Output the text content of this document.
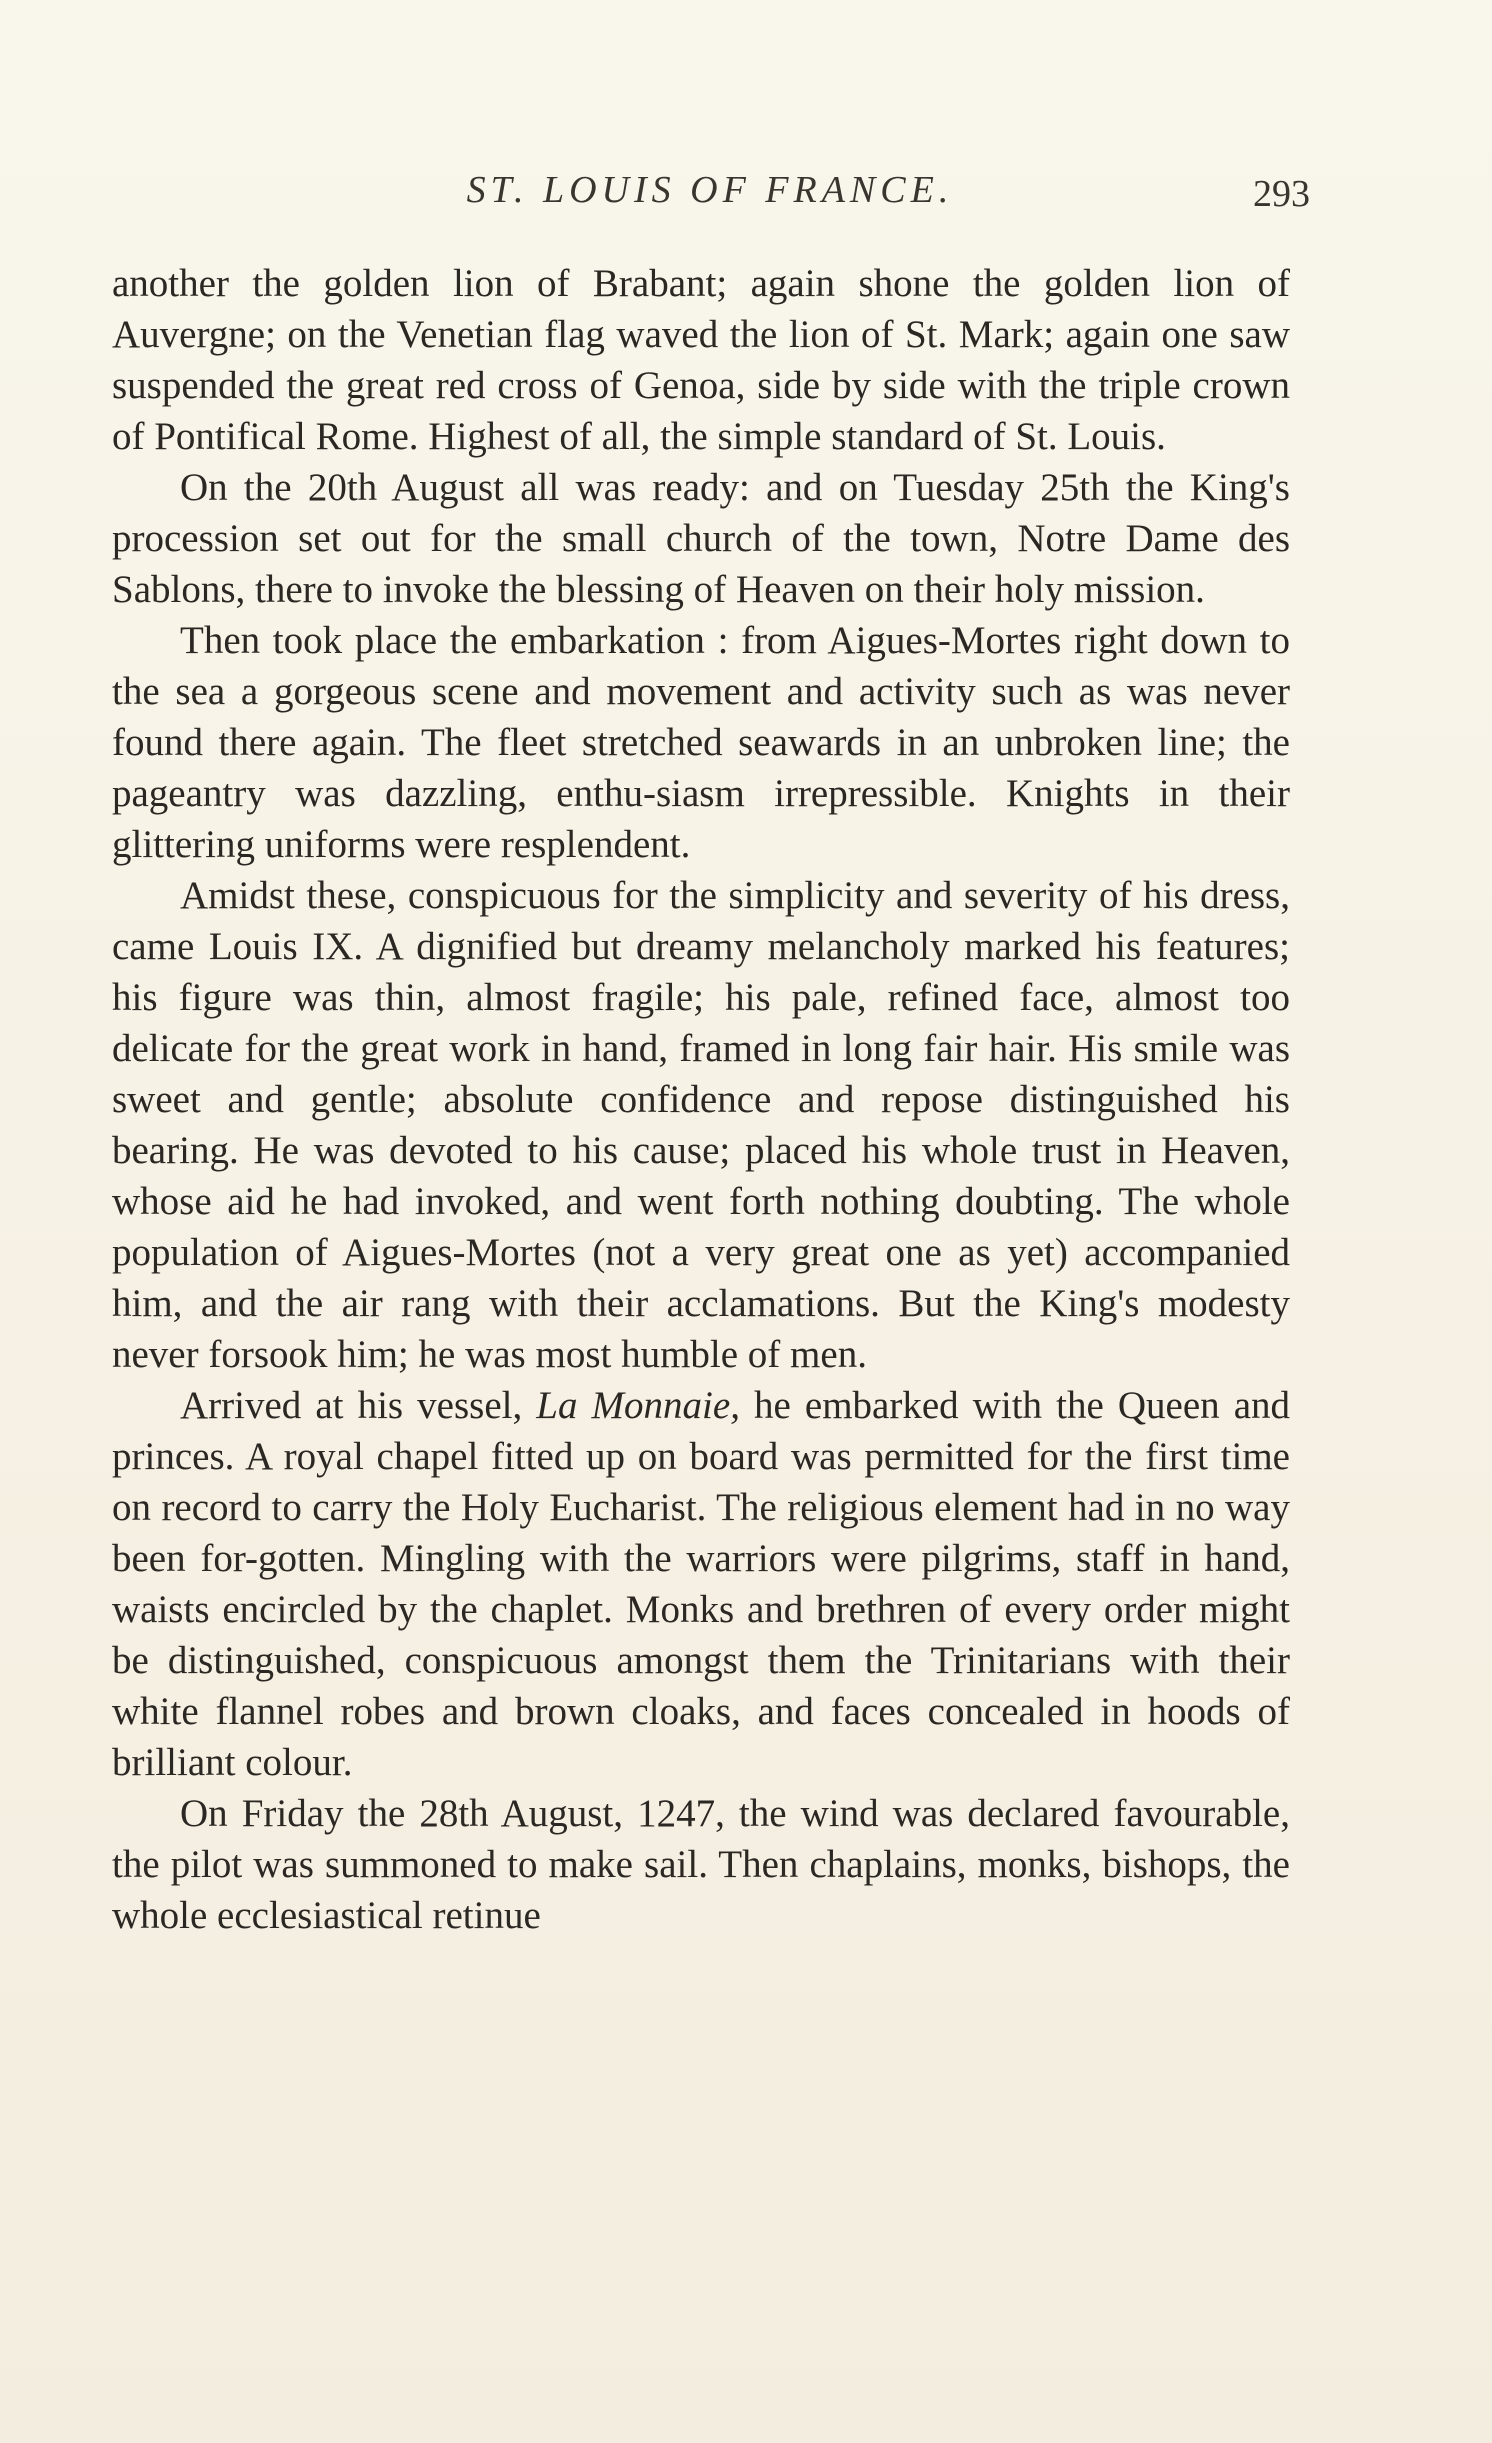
ST. LOUIS OF FRANCE.	293

another the golden lion of Brabant; again shone the golden lion of Auvergne; on the Venetian flag waved the lion of St. Mark; again one saw suspended the great red cross of Genoa, side by side with the triple crown of Pontifical Rome. Highest of all, the simple standard of St. Louis.

On the 20th August all was ready: and on Tuesday 25th the King's procession set out for the small church of the town, Notre Dame des Sablons, there to invoke the blessing of Heaven on their holy mission.

Then took place the embarkation : from Aigues-Mortes right down to the sea a gorgeous scene and movement and activity such as was never found there again. The fleet stretched seawards in an unbroken line; the pageantry was dazzling, enthu-siasm irrepressible. Knights in their glittering uniforms were resplendent.

Amidst these, conspicuous for the simplicity and severity of his dress, came Louis IX. A dignified but dreamy melancholy marked his features; his figure was thin, almost fragile; his pale, refined face, almost too delicate for the great work in hand, framed in long fair hair. His smile was sweet and gentle; absolute confidence and repose distinguished his bearing. He was devoted to his cause; placed his whole trust in Heaven, whose aid he had invoked, and went forth nothing doubting. The whole population of Aigues-Mortes (not a very great one as yet) accompanied him, and the air rang with their acclamations. But the King's modesty never forsook him; he was most humble of men.

Arrived at his vessel, La Monnaie, he embarked with the Queen and princes. A royal chapel fitted up on board was permitted for the first time on record to carry the Holy Eucharist. The religious element had in no way been for-gotten. Mingling with the warriors were pilgrims, staff in hand, waists encircled by the chaplet. Monks and brethren of every order might be distinguished, conspicuous amongst them the Trinitarians with their white flannel robes and brown cloaks, and faces concealed in hoods of brilliant colour.

On Friday the 28th August, 1247, the wind was declared favourable, the pilot was summoned to make sail. Then chaplains, monks, bishops, the whole ecclesiastical retinue
